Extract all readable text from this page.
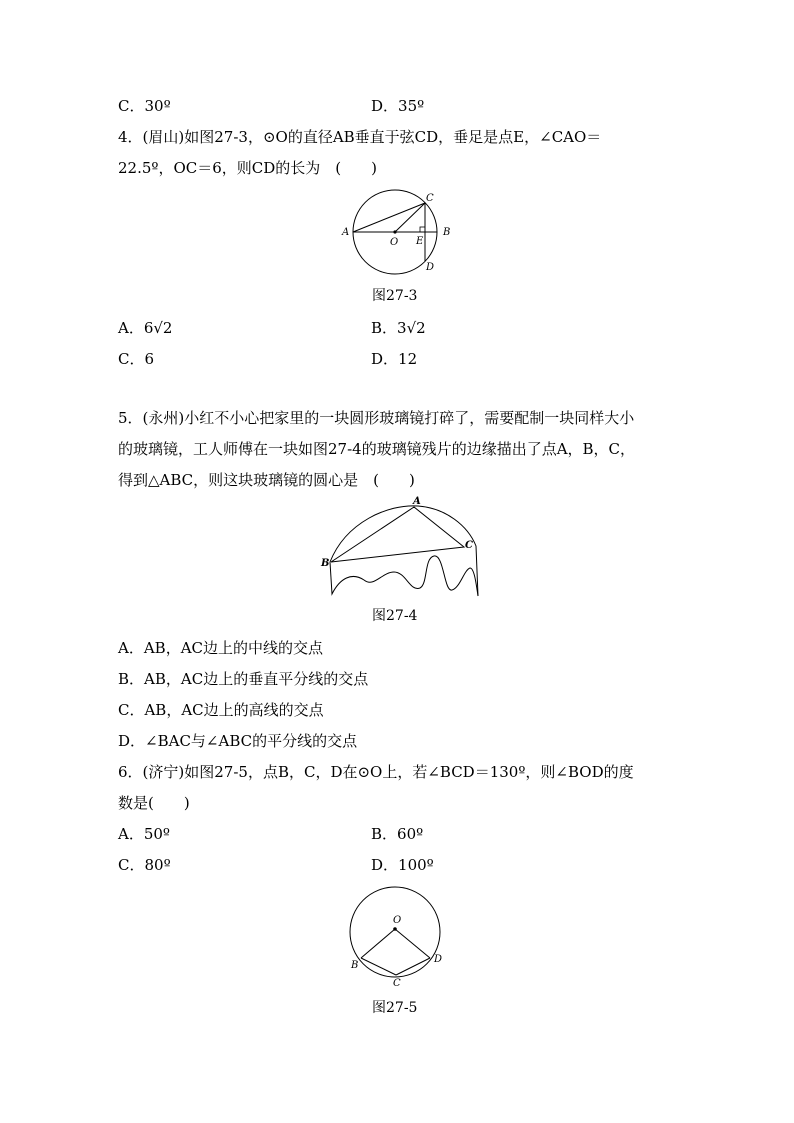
C．30º	D．35º
4．(眉山)如图27-3，⊙O的直径AB垂直于弦CD，垂足是点E，∠CAO＝
22.5º，OC＝6，则CD的长为　(　　)
A
O E
B
C
D
图27-3
A．6√2	B．3√2
C．6	D．12
5．(永州)小红不小心把家里的一块圆形玻璃镜打碎了，需要配制一块同样大小
的玻璃镜，工人师傅在一块如图27-4的玻璃镜残片的边缘描出了点A，B，C，
得到△ABC，则这块玻璃镜的圆心是　(　　)
A
B
C
图27-4
A．AB，AC边上的中线的交点
B．AB，AC边上的垂直平分线的交点
C．AB，AC边上的高线的交点
D．∠BAC与∠ABC的平分线的交点
6．(济宁)如图27-5，点B，C，D在⊙O上，若∠BCD＝130º，则∠BOD的度
数是(　　)
A．50º	B．60º
C．80º	D．100º
O
B
C
D
图27-5
